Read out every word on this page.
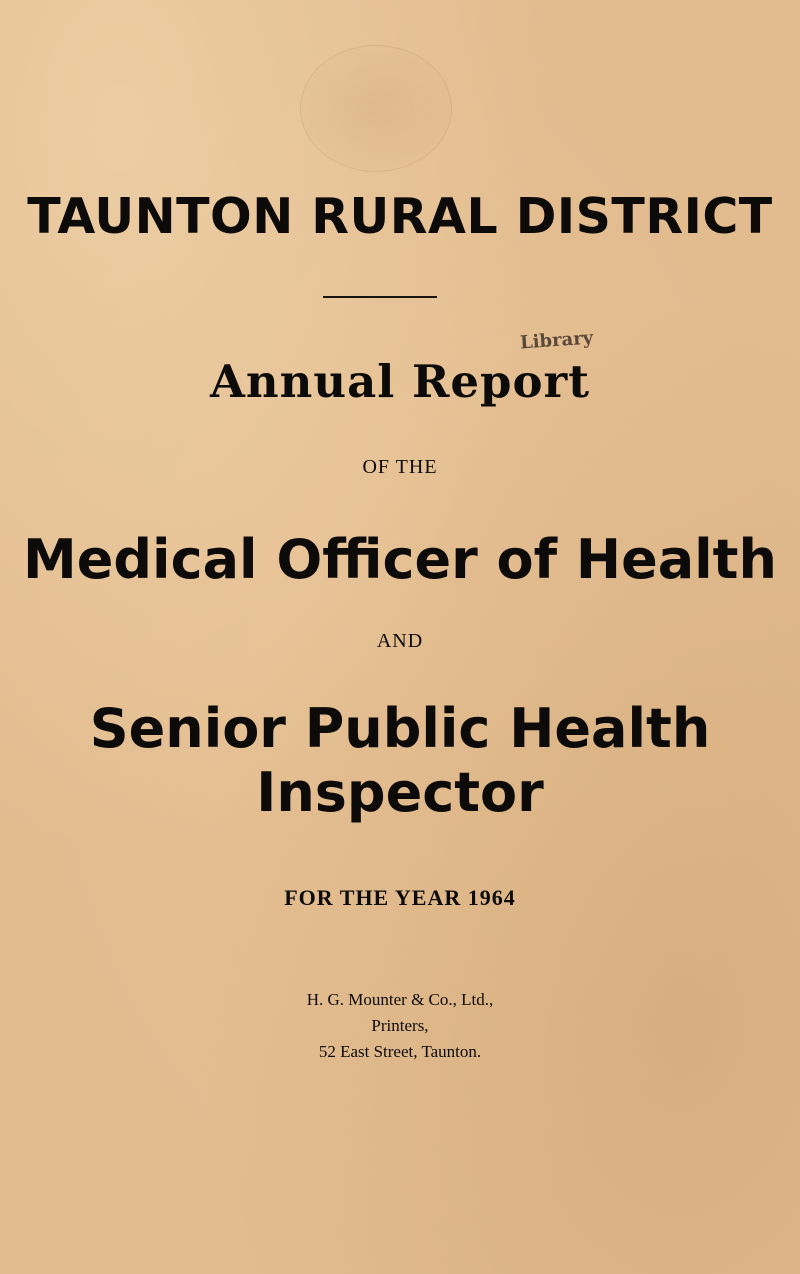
TAUNTON RURAL DISTRICT
Library
Annual Report
OF THE
Medical Officer of Health
AND
Senior Public Health
Inspector
FOR THE YEAR 1964
H. G. Mounter & Co., Ltd.,
Printers,
52 East Street, Taunton.
